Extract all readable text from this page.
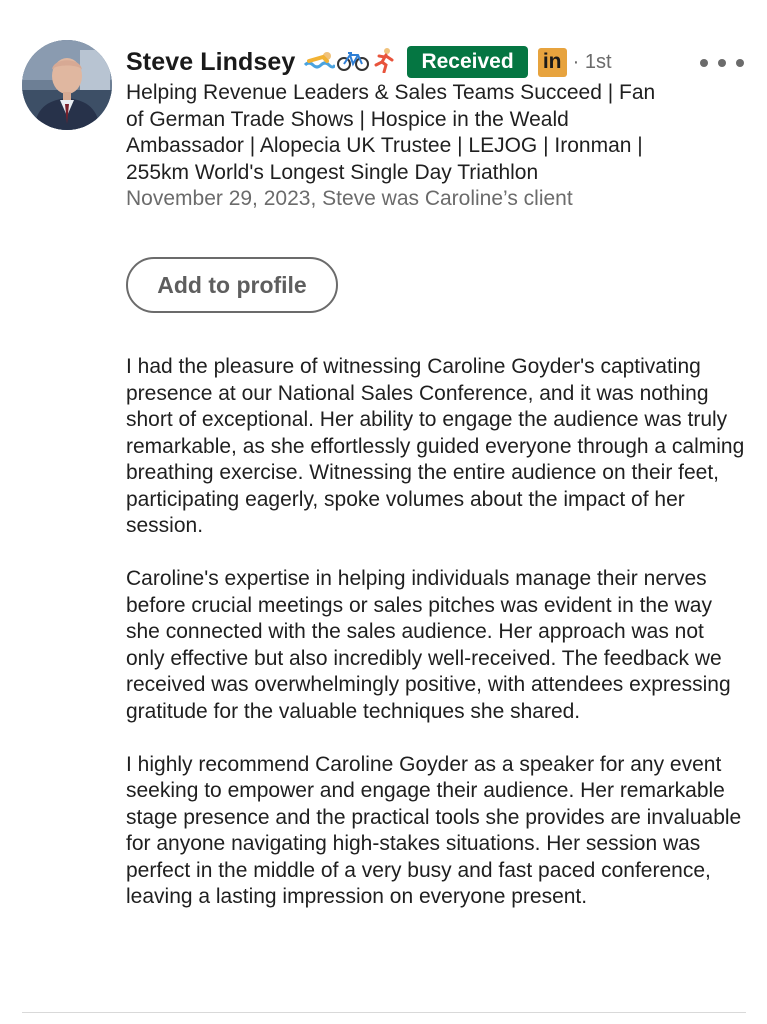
Steve Lindsey	Received	in · 1st
Helping Revenue Leaders & Sales Teams Succeed | Fan of German Trade Shows | Hospice in the Weald Ambassador | Alopecia UK Trustee | LEJOG | Ironman | 255km World's Longest Single Day Triathlon
November 29, 2023, Steve was Caroline’s client
Add to profile

I had the pleasure of witnessing Caroline Goyder's captivating presence at our National Sales Conference, and it was nothing short of exceptional. Her ability to engage the audience was truly remarkable, as she effortlessly guided everyone through a calming breathing exercise. Witnessing the entire audience on their feet, participating eagerly, spoke volumes about the impact of her session.

Caroline's expertise in helping individuals manage their nerves before crucial meetings or sales pitches was evident in the way she connected with the sales audience. Her approach was not only effective but also incredibly well-received. The feedback we received was overwhelmingly positive, with attendees expressing gratitude for the valuable techniques she shared.

I highly recommend Caroline Goyder as a speaker for any event seeking to empower and engage their audience. Her remarkable stage presence and the practical tools she provides are invaluable for anyone navigating high-stakes situations. Her session was perfect in the middle of a very busy and fast paced conference, leaving a lasting impression on everyone present.
